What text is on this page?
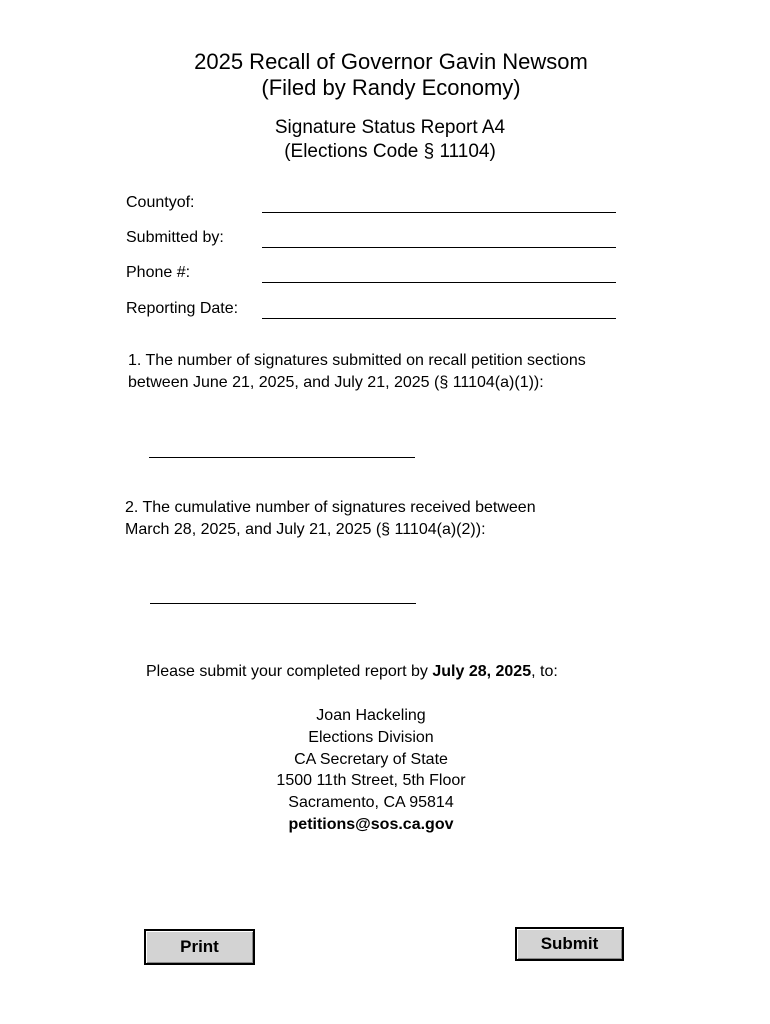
2025 Recall of Governor Gavin Newsom
(Filed by Randy Economy)
Signature Status Report A4
(Elections Code § 11104)
Countyof:
Submitted by:
Phone #:
Reporting Date:
1. The number of signatures submitted on recall petition sections
between June 21, 2025, and July 21, 2025 (§ 11104(a)(1)):
2. The cumulative number of signatures received between
March 28, 2025, and July 21, 2025 (§ 11104(a)(2)):
Please submit your completed report by July 28, 2025, to:
Joan Hackeling
Elections Division
CA Secretary of State
1500 11th Street, 5th Floor
Sacramento, CA 95814
petitions@sos.ca.gov
Print	Submit
